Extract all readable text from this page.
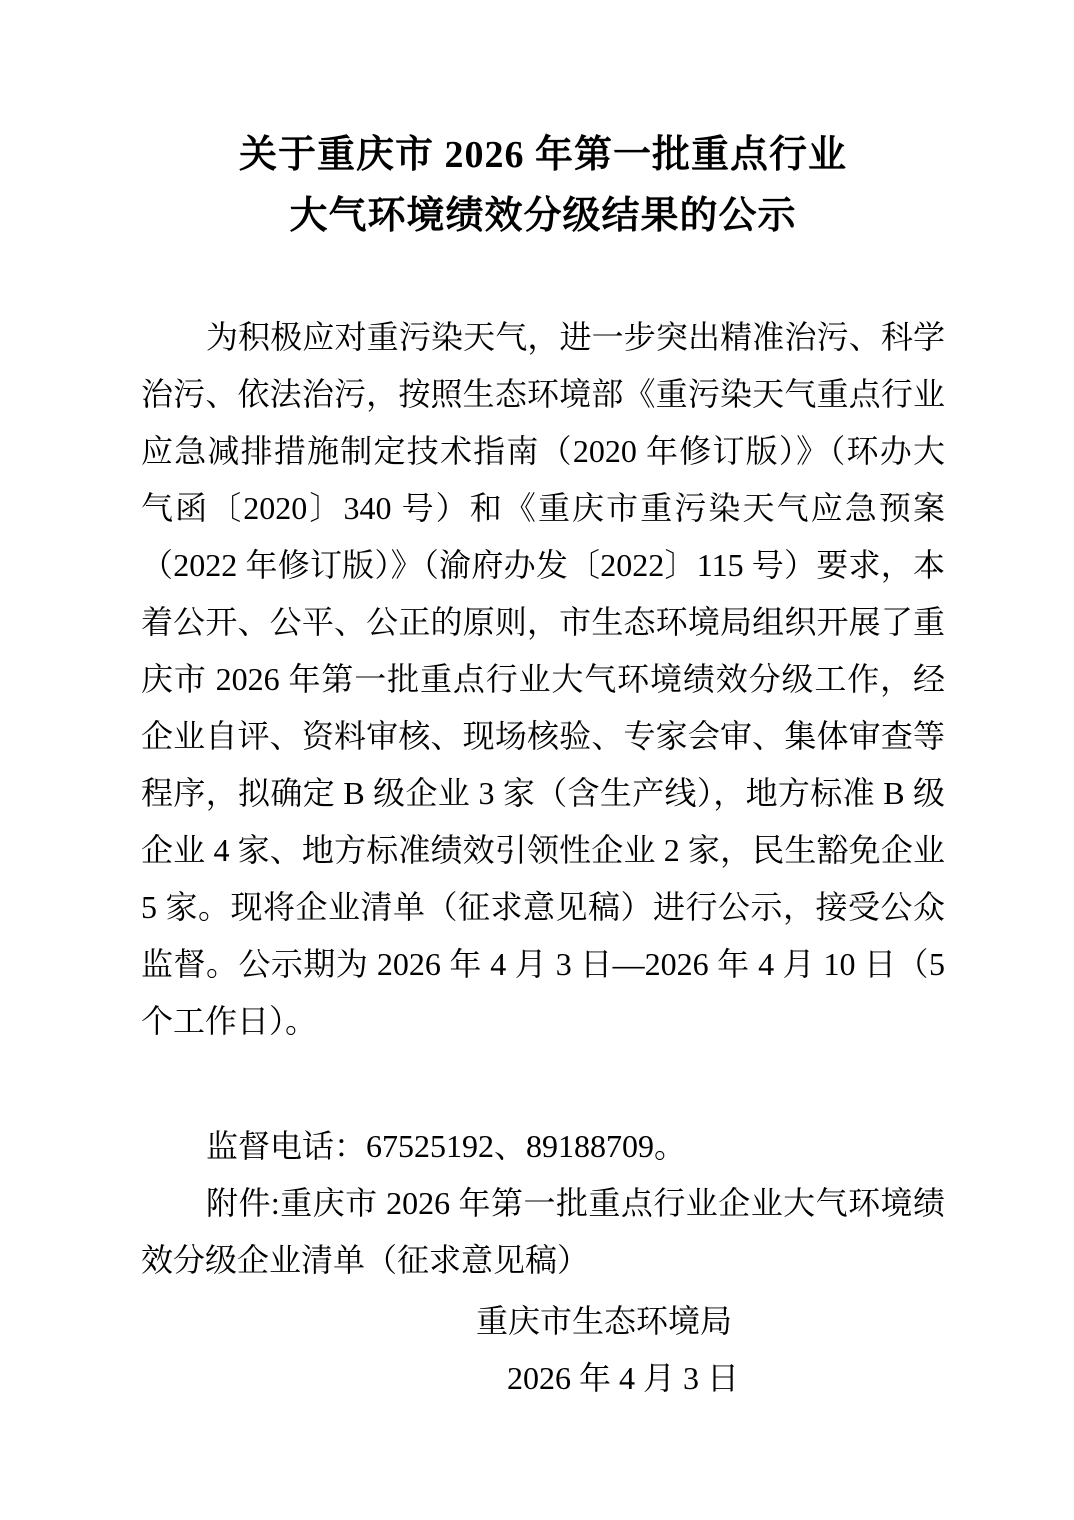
关于重庆市 2026 年第一批重点行业
大气环境绩效分级结果的公示

为积极应对重污染天气，进一步突出精准治污、科学治污、依法治污，按照生态环境部《重污染天气重点行业应急减排措施制定技术指南（2020 年修订版）》（环办大气函〔2020〕340 号）和《重庆市重污染天气应急预案（2022 年修订版）》（渝府办发〔2022〕115 号）要求，本着公开、公平、公正的原则，市生态环境局组织开展了重庆市 2026 年第一批重点行业大气环境绩效分级工作，经企业自评、资料审核、现场核验、专家会审、集体审查等程序，拟确定 B 级企业 3 家（含生产线），地方标准 B 级企业 4 家、地方标准绩效引领性企业 2 家，民生豁免企业 5 家。现将企业清单（征求意见稿）进行公示，接受公众监督。公示期为 2026 年 4 月 3 日—2026 年 4 月 10 日（5 个工作日）。

监督电话：67525192、89188709。

附件:重庆市 2026 年第一批重点行业企业大气环境绩效分级企业清单（征求意见稿）

重庆市生态环境局
2026 年 4 月 3 日
